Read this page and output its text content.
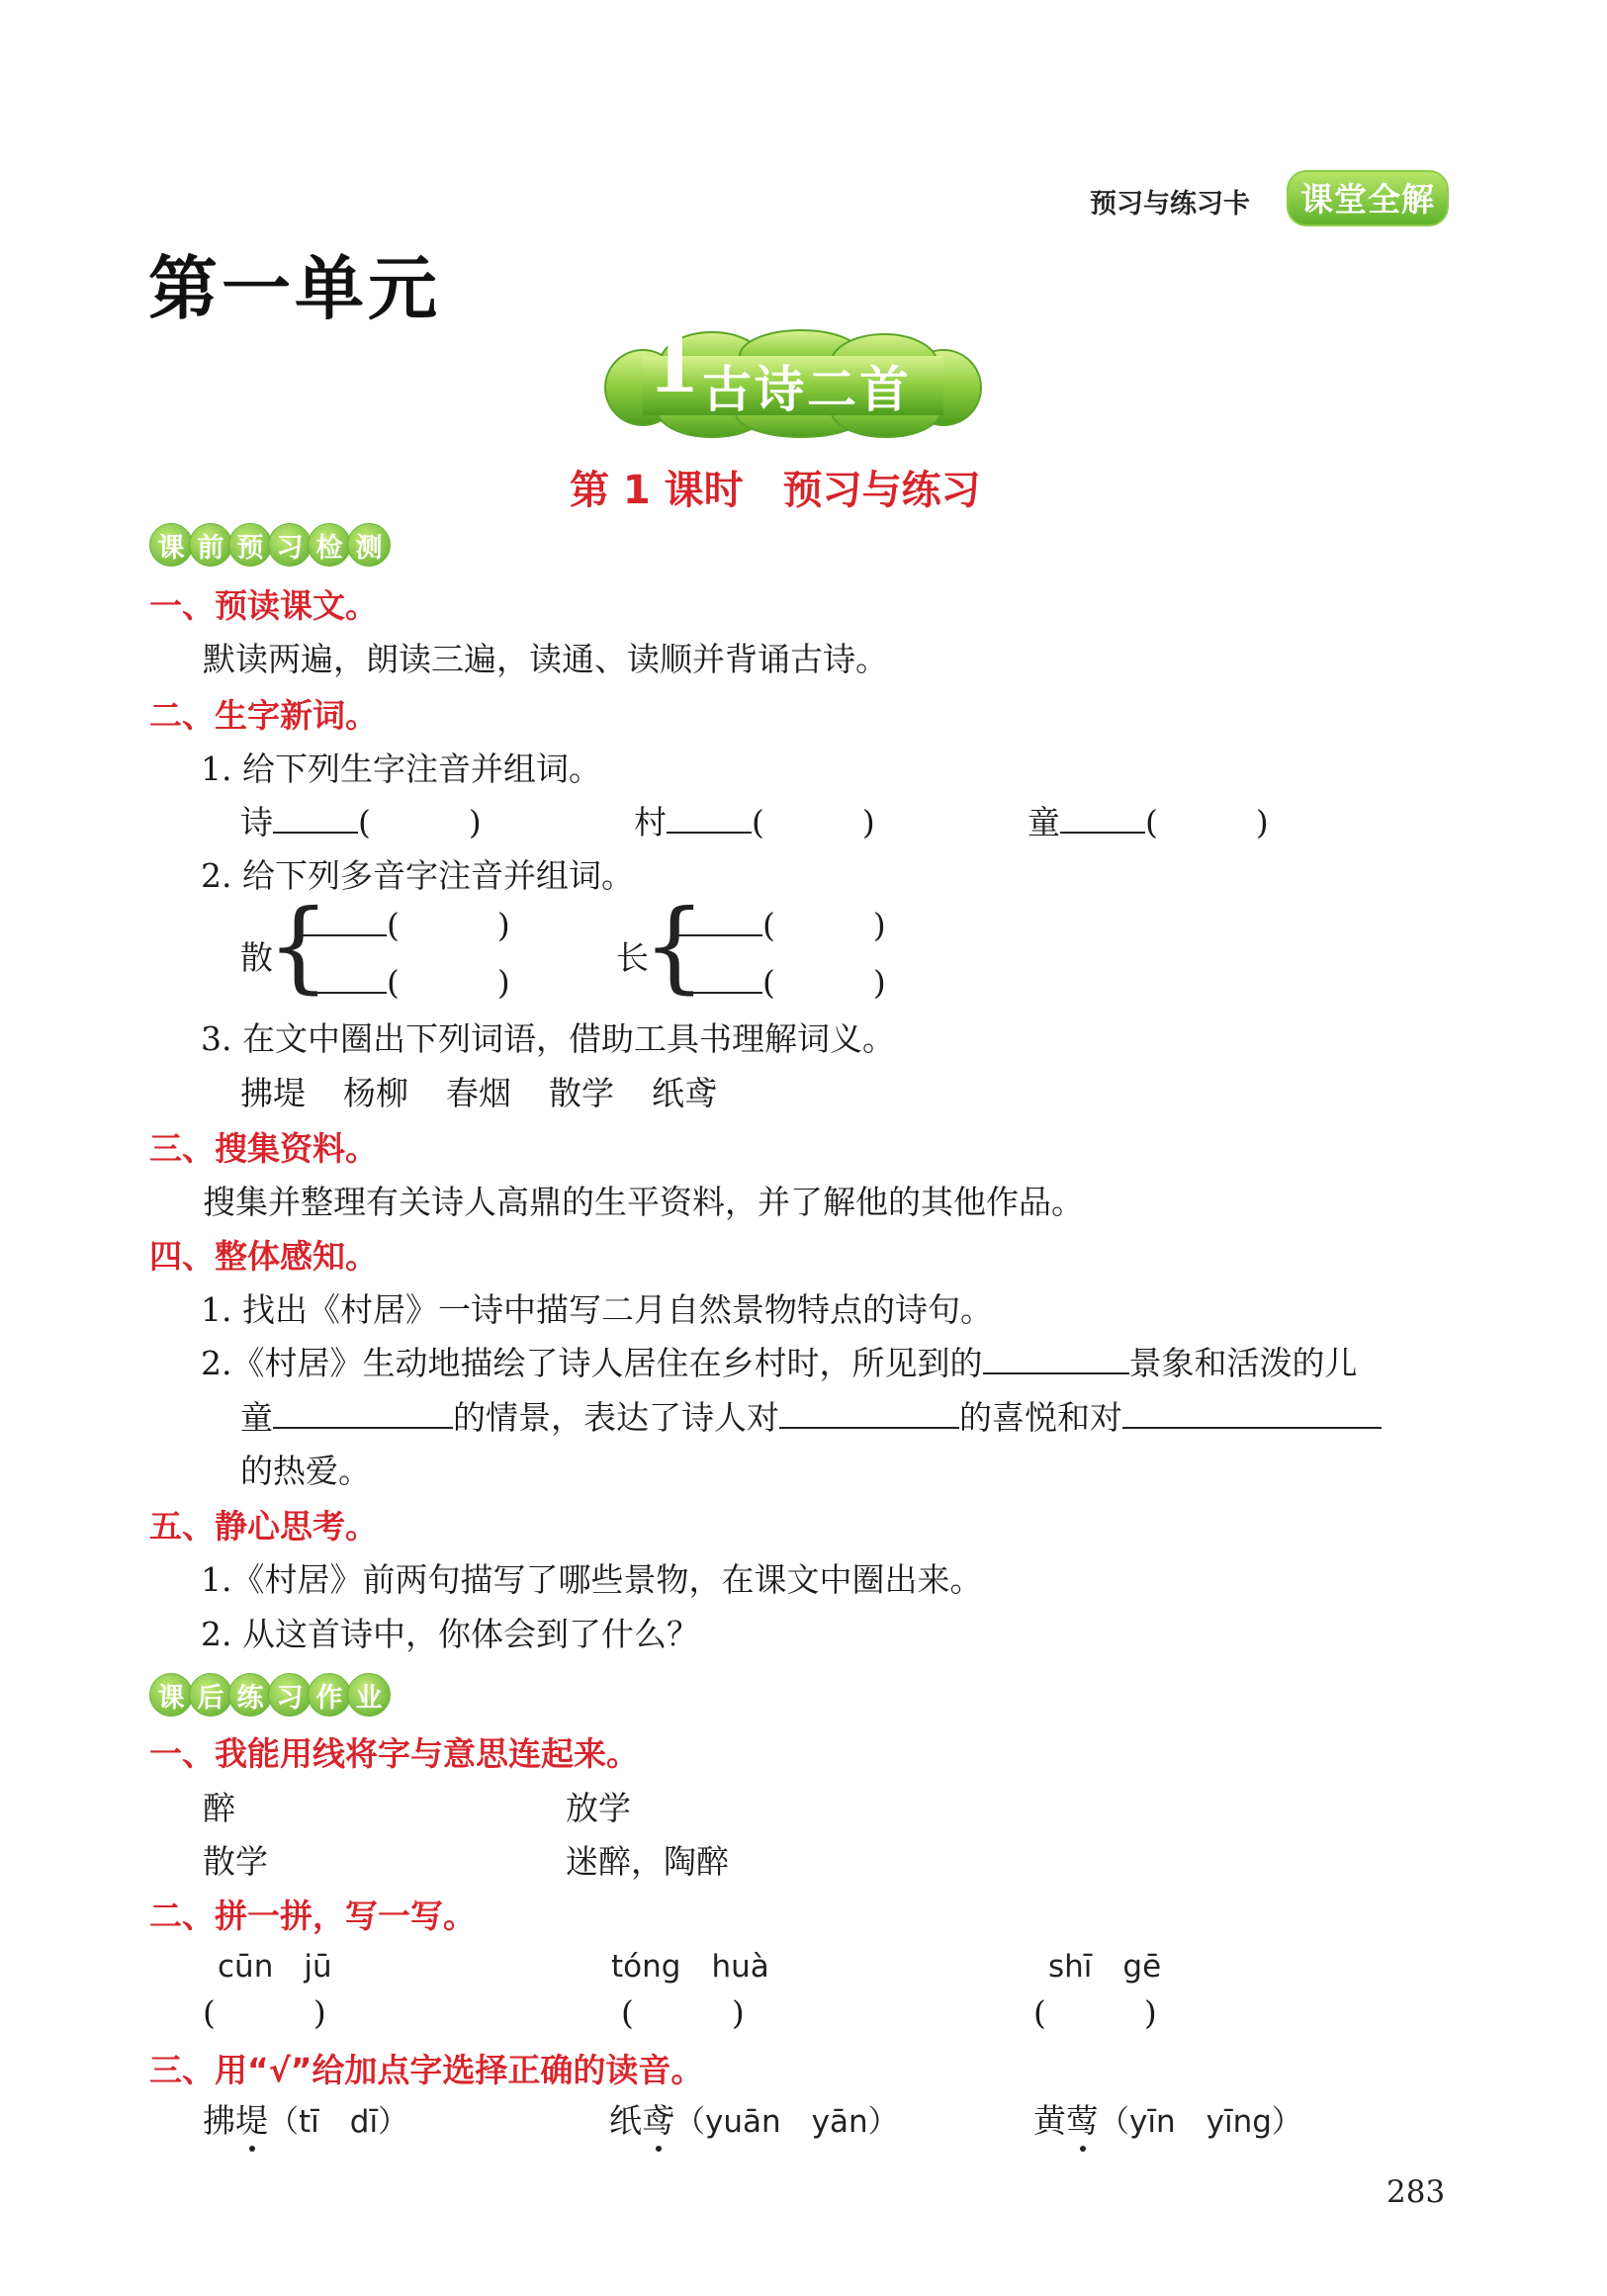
预习与练习卡	课堂全解
第一单元
1 古诗二首
第 1 课时　预习与练习
课 前 预 习 检 测
一、预读课文。
默读两遍，朗读三遍，读通、读顺并背诵古诗。
二、生字新词。
1. 给下列生字注音并组词。
诗	(　　　)	村	(　　　)	童	(　　　)
2. 给下列多音字注音并组词。
散
{	(　　　)
(　　　)
长
{	(　　　)
(　　　)
3. 在文中圈出下列词语，借助工具书理解词义。
拂堤 杨柳 春烟 散学 纸鸢
三、搜集资料。
搜集并整理有关诗人高鼎的生平资料，并了解他的其他作品。
四、整体感知。
1. 找出《村居》一诗中描写二月自然景物特点的诗句。
2.《村居》生动地描绘了诗人居住在乡村时，所见到的	景象和活泼的儿
童	的情景，表达了诗人对	的喜悦和对
的热爱。
五、静心思考。
1.《村居》前两句描写了哪些景物，在课文中圈出来。
2. 从这首诗中，你体会到了什么？
课 后 练 习 作 业
一、我能用线将字与意思连起来。
醉	放学
散学	迷醉，陶醉
二、拼一拼，写一写。
cūn　jū	tóng　huà	shī　gē
(　　　)	(　　　)	(　　　)
三、用“√”给加点字选择正确的读音。
拂堤（tī　dī）	纸鸢（yuān　yān）	黄莺（yīn　yīng）
283
